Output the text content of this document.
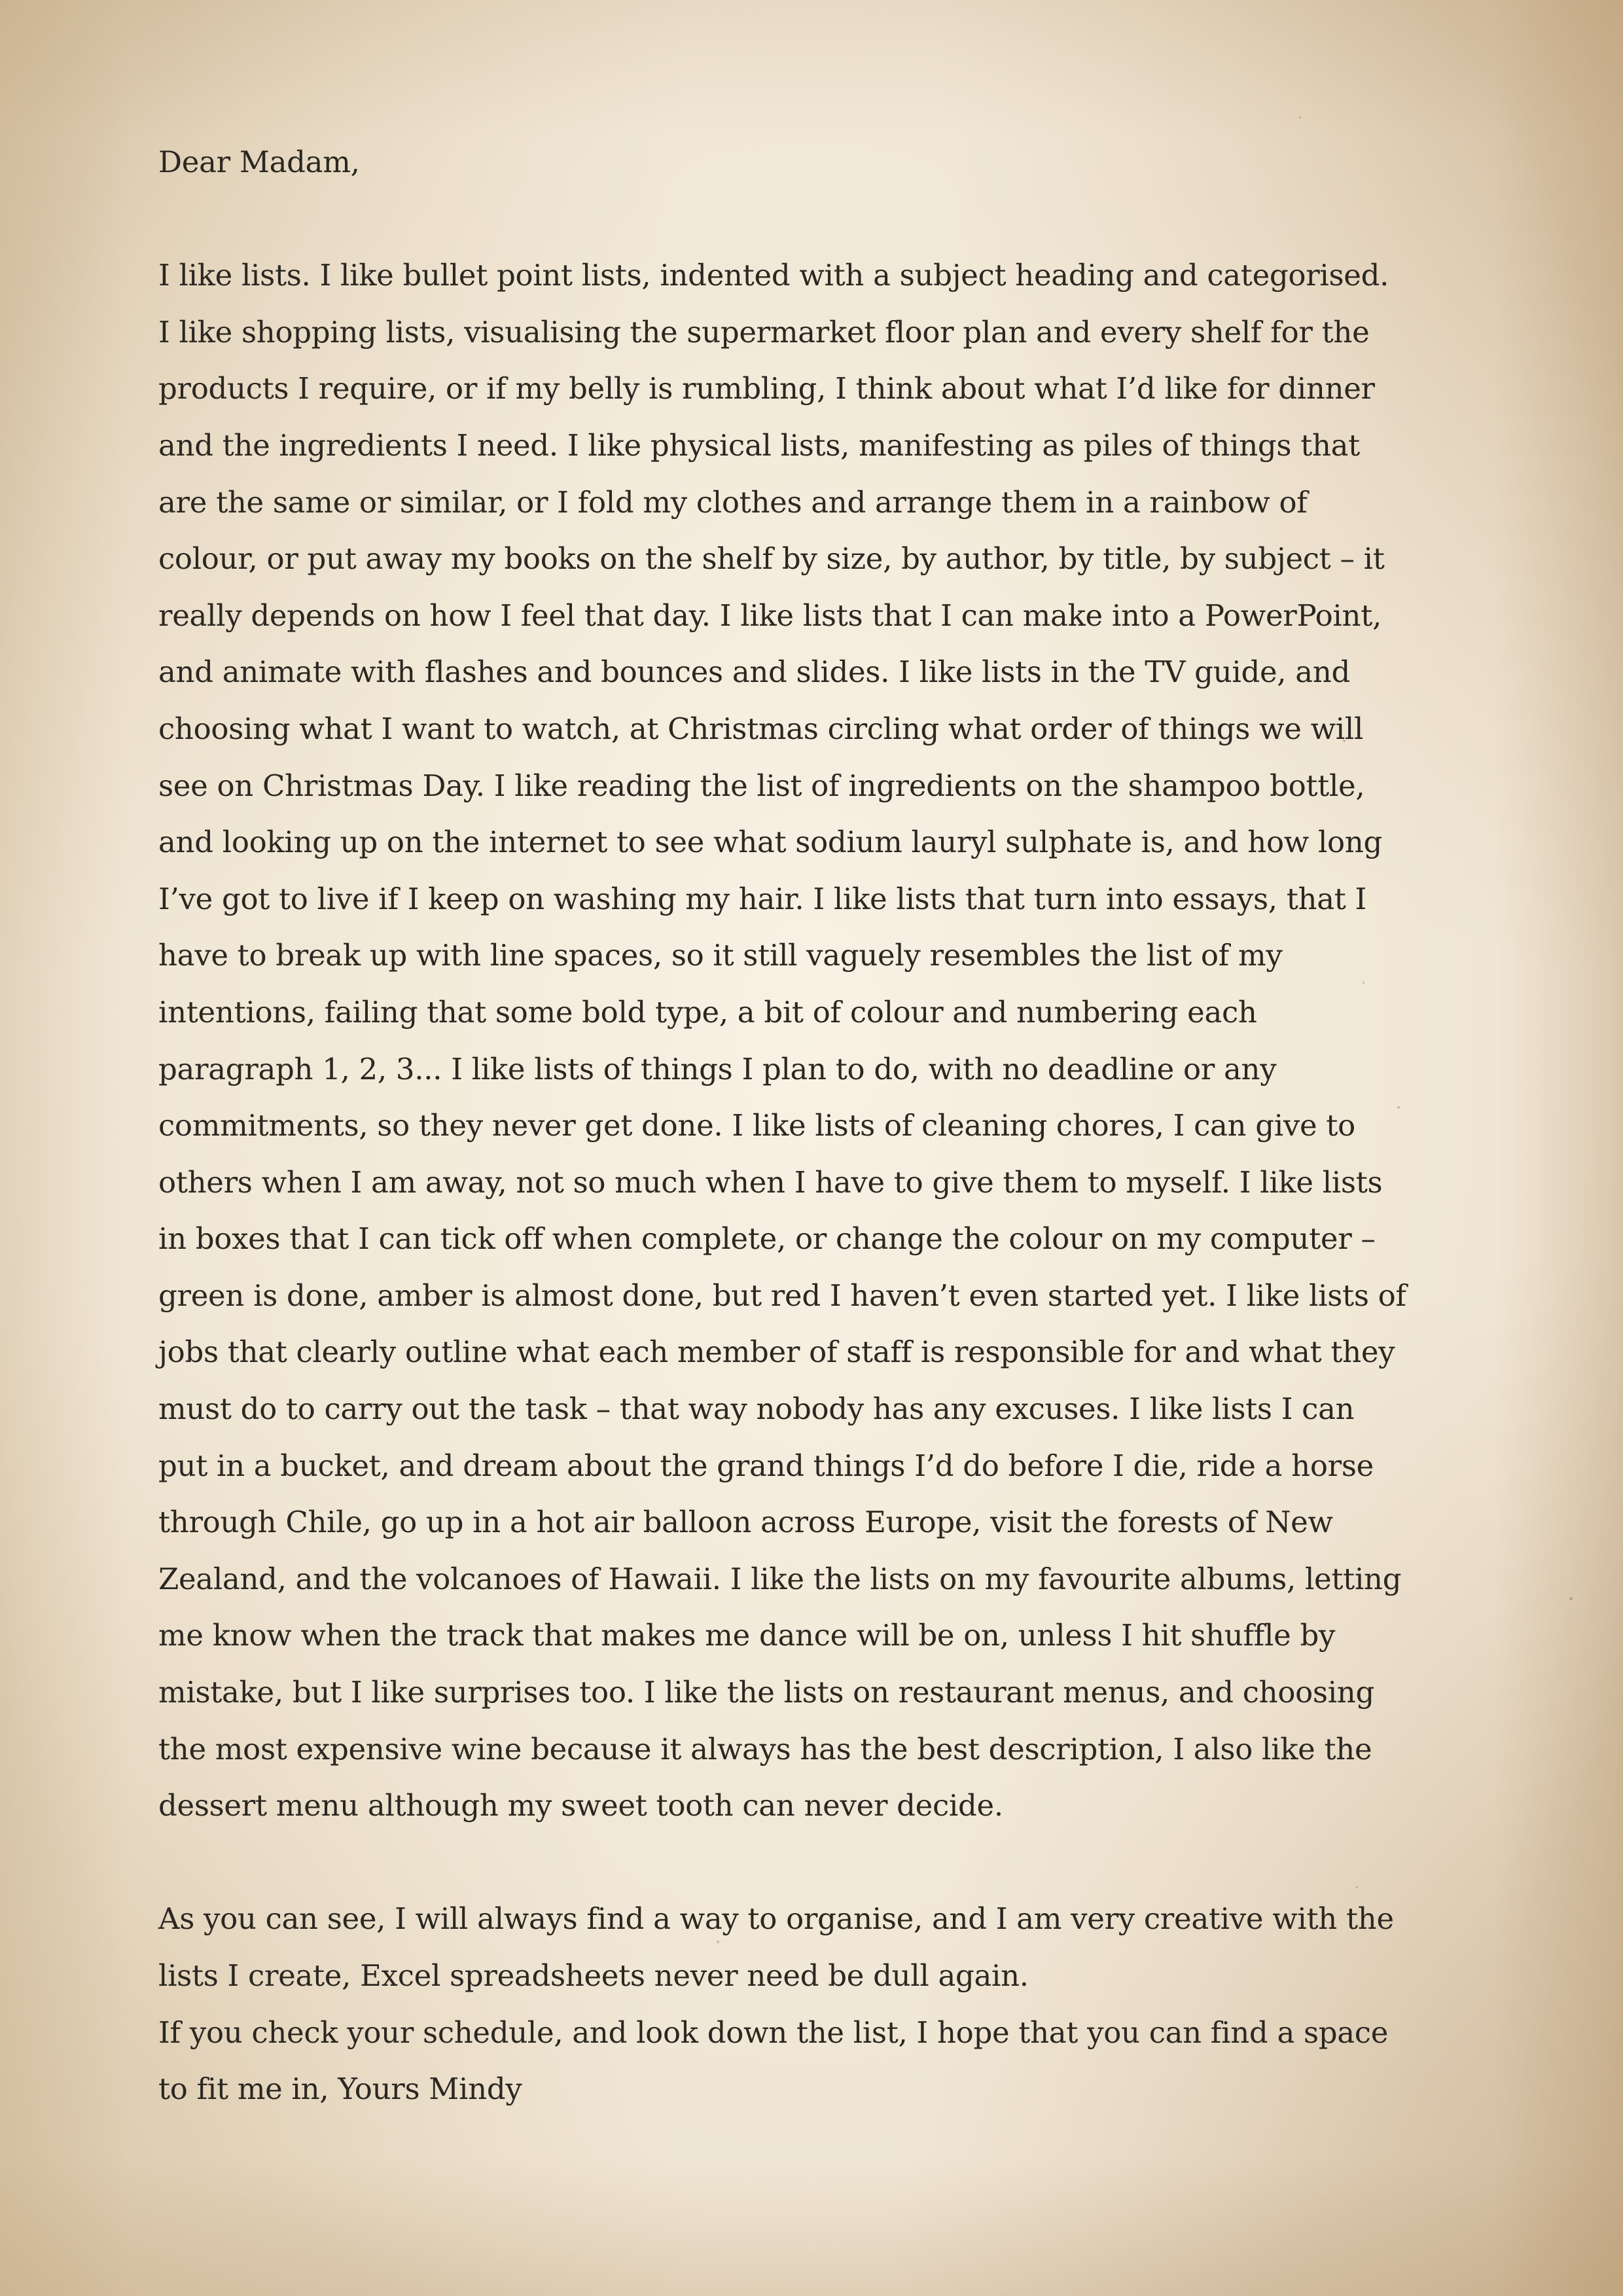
Dear Madam,
I like lists. I like bullet point lists, indented with a subject heading and categorised.
I like shopping lists, visualising the supermarket floor plan and every shelf for the
products I require, or if my belly is rumbling, I think about what I’d like for dinner
and the ingredients I need. I like physical lists, manifesting as piles of things that
are the same or similar, or I fold my clothes and arrange them in a rainbow of
colour, or put away my books on the shelf by size, by author, by title, by subject – it
really depends on how I feel that day. I like lists that I can make into a PowerPoint,
and animate with flashes and bounces and slides. I like lists in the TV guide, and
choosing what I want to watch, at Christmas circling what order of things we will
see on Christmas Day. I like reading the list of ingredients on the shampoo bottle,
and looking up on the internet to see what sodium lauryl sulphate is, and how long
I’ve got to live if I keep on washing my hair. I like lists that turn into essays, that I
have to break up with line spaces, so it still vaguely resembles the list of my
intentions, failing that some bold type, a bit of colour and numbering each
paragraph 1, 2, 3... I like lists of things I plan to do, with no deadline or any
commitments, so they never get done. I like lists of cleaning chores, I can give to
others when I am away, not so much when I have to give them to myself. I like lists
in boxes that I can tick off when complete, or change the colour on my computer –
green is done, amber is almost done, but red I haven’t even started yet. I like lists of
jobs that clearly outline what each member of staff is responsible for and what they
must do to carry out the task – that way nobody has any excuses. I like lists I can
put in a bucket, and dream about the grand things I’d do before I die, ride a horse
through Chile, go up in a hot air balloon across Europe, visit the forests of New
Zealand, and the volcanoes of Hawaii. I like the lists on my favourite albums, letting
me know when the track that makes me dance will be on, unless I hit shuffle by
mistake, but I like surprises too. I like the lists on restaurant menus, and choosing
the most expensive wine because it always has the best description, I also like the
dessert menu although my sweet tooth can never decide.
As you can see, I will always find a way to organise, and I am very creative with the
lists I create, Excel spreadsheets never need be dull again.
If you check your schedule, and look down the list, I hope that you can find a space
to fit me in, Yours Mindy
